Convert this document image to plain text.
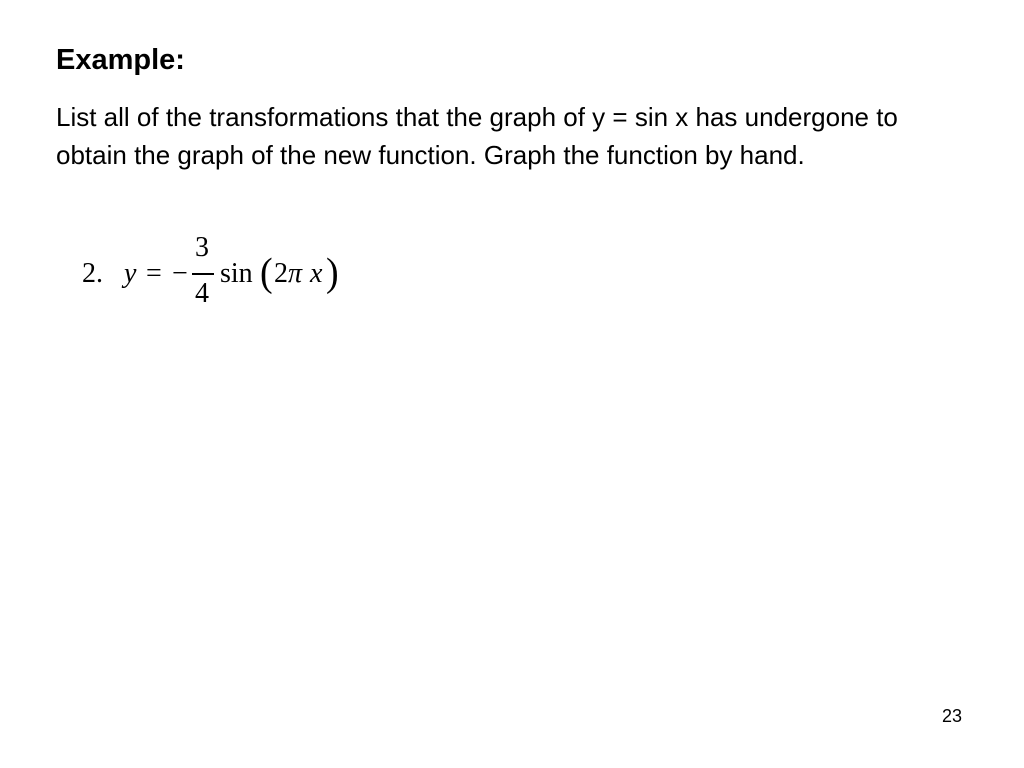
Example:

List all of the transformations that the graph of y = sin x has undergone to obtain the graph of the new function. Graph the function by hand.

2. y = −
3
4
sin ( 2 π x )
23
